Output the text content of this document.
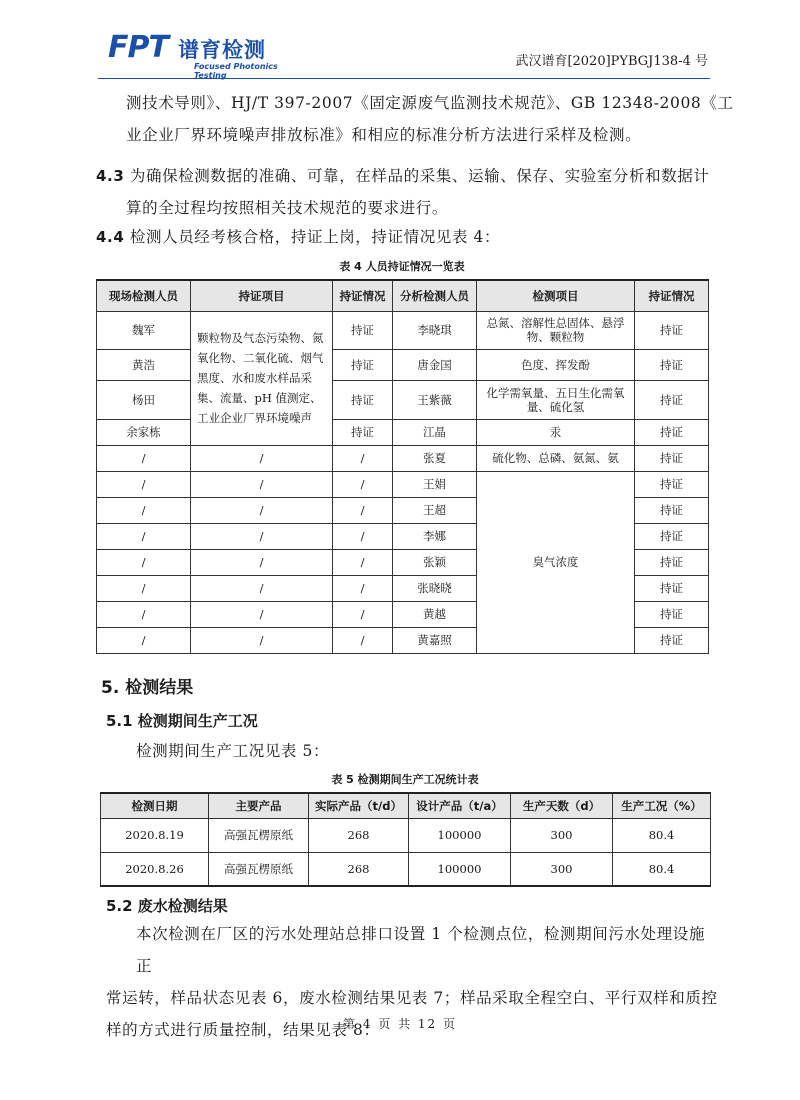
FPT 谱育检测
Focused Photonics Testing
武汉谱育[2020]PYBGJ138-4 号
测技术导则》、HJ/T 397-2007《固定源废气监测技术规范》、GB 12348-2008《工
业企业厂界环境噪声排放标准》和相应的标准分析方法进行采样及检测。
4.3 为确保检测数据的准确、可靠，在样品的采集、运输、保存、实验室分析和数据计
算的全过程均按照相关技术规范的要求进行。
4.4 检测人员经考核合格，持证上岗，持证情况见表 4：
表 4 人员持证情况一览表
现场检测人员	持证项目	持证情况	分析检测人员	检测项目	持证情况
魏军	颗粒物及气态污染物、氮氧化物、二氧化硫、烟气黑度、水和废水样品采集、流量、pH 值测定、工业企业厂界环境噪声	持证	李晓琪	总氮、溶解性总固体、悬浮物、颗粒物	持证
黄浩		持证	唐金国	色度、挥发酚	持证
杨田		持证	王紫薇	化学需氧量、五日生化需氧量、硫化氢	持证
余家栋		持证	江晶	汞	持证
/	/	/	张夏	硫化物、总磷、氨氮、氨	持证
/	/	/	王娟	臭气浓度	持证
/	/	/	王超		持证
/	/	/	李娜		持证
/	/	/	张颖		持证
/	/	/	张晓晓		持证
/	/	/	黄越		持证
/	/	/	黄嘉照		持证
5. 检测结果
5.1 检测期间生产工况
检测期间生产工况见表 5：
表 5 检测期间生产工况统计表
检测日期	主要产品	实际产品（t/d）	设计产品（t/a）	生产天数（d）	生产工况（%）
2020.8.19	高强瓦楞原纸	268	100000	300	80.4
2020.8.26	高强瓦楞原纸	268	100000	300	80.4
5.2 废水检测结果
本次检测在厂区的污水处理站总排口设置 1 个检测点位，检测期间污水处理设施正
常运转，样品状态见表 6，废水检测结果见表 7；样品采取全程空白、平行双样和质控
样的方式进行质量控制，结果见表 8：
第 4 页 共 12 页
